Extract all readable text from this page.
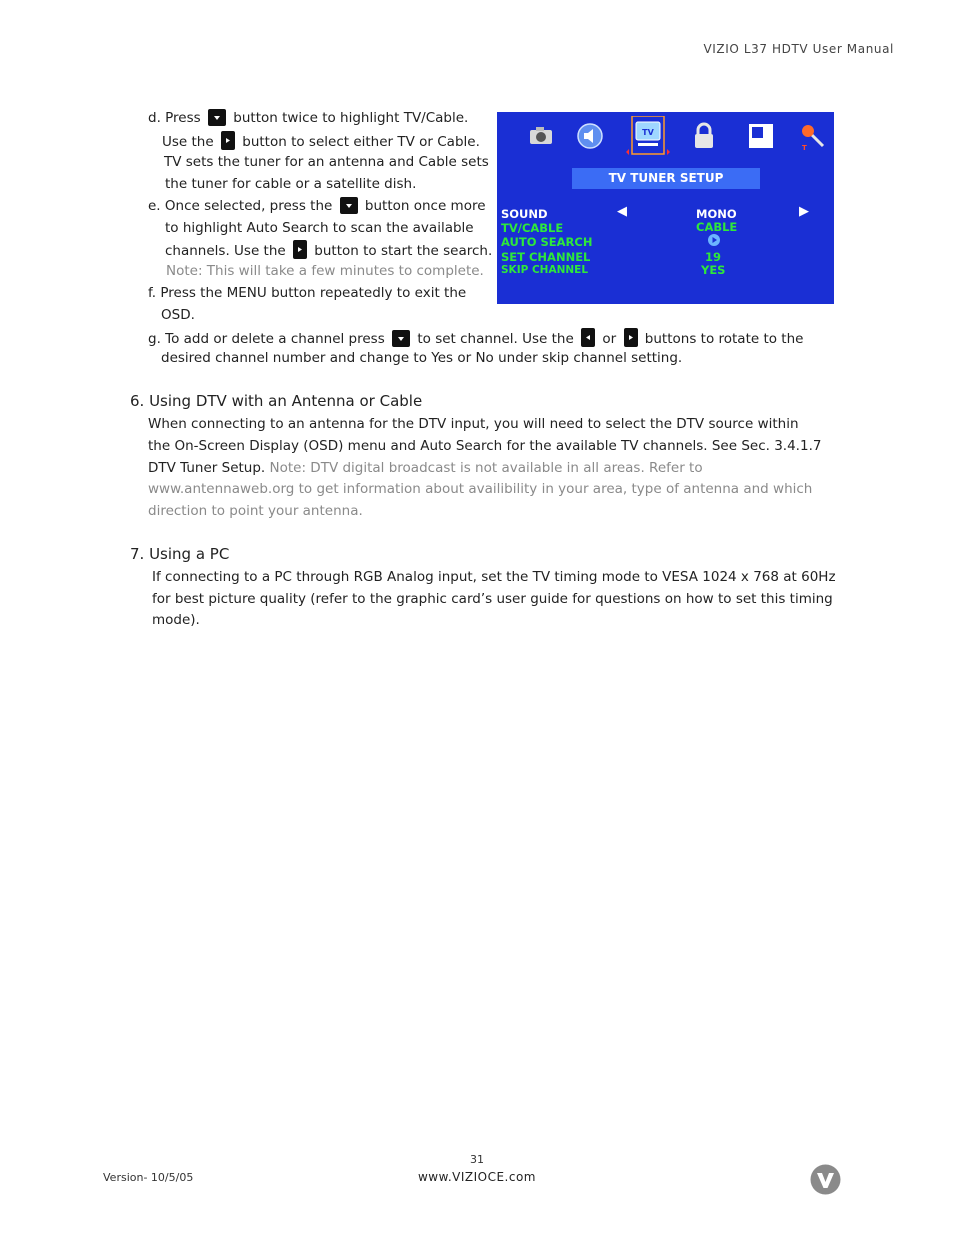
VIZIO L37 HDTV User Manual
d. Press button twice to highlight TV/Cable.
Use the button to select either TV or Cable.
TV sets the tuner for an antenna and Cable sets
the tuner for cable or a satellite dish.
e. Once selected, press the button once more
to highlight Auto Search to scan the available
channels. Use the button to start the search.
Note: This will take a few minutes to complete.
f. Press the MENU button repeatedly to exit the
OSD.
g. To add or delete a channel press to set channel. Use the or buttons to rotate to the
desired channel number and change to Yes or No under skip channel setting.
TV
T
TV TUNER SETUP
SOUND	◀	MONO	▶
TV/CABLE	CABLE
AUTO SEARCH
SET CHANNEL	19
SKIP CHANNEL	YES
6. Using DTV with an Antenna or Cable
When connecting to an antenna for the DTV input, you will need to select the DTV source within
the On-Screen Display (OSD) menu and Auto Search for the available TV channels. See Sec. 3.4.1.7
DTV Tuner Setup. Note: DTV digital broadcast is not available in all areas. Refer to
www.antennaweb.org to get information about availibility in your area, type of antenna and which
direction to point your antenna.
7. Using a PC
If connecting to a PC through RGB Analog input, set the TV timing mode to VESA 1024 x 768 at 60Hz
for best picture quality (refer to the graphic card’s user guide for questions on how to set this timing
mode).
Version- 10/5/05
31
www.VIZIOCE.com
